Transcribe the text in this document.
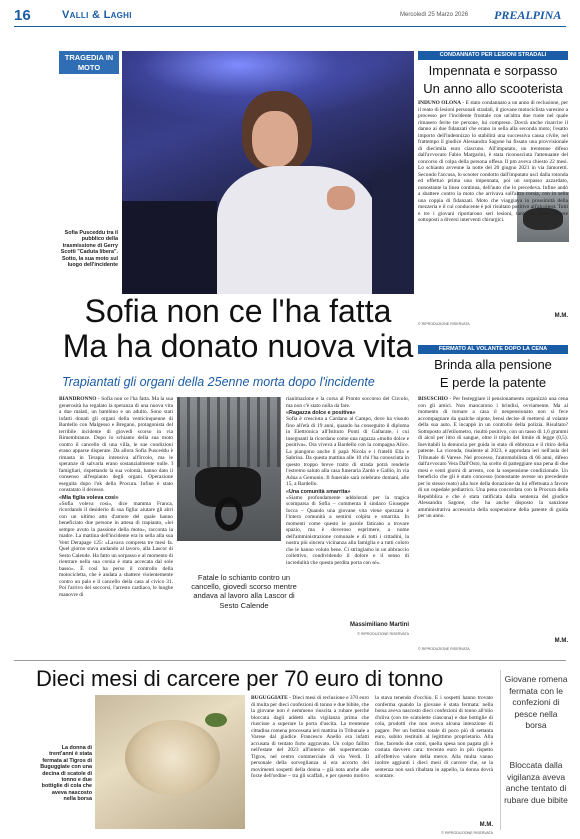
16	Valli & Laghi	Mercoledì 25 Marzo 2026 PREALPINA
TRAGEDIA IN MOTO
Sofia Pusceddu tra il pubblico della trasmissione di Gerry Scotti "Caduta libera". Sotto, la sua moto sul luogo dell'incidente
Sofia non ce l'ha fatta
Ma ha donato nuova vita
Trapiantati gli organi della 25enne morta dopo l'incidente

BIANDRONNO - Sofia non ce l'ha fatta. Ma la sua generosità ha regalato la speranza di una nuova vita a due malati, un bambino e un adulto. Sono stati infatti donati gli organi della venticinquenne di Bardello con Malgesso e Bregano, protagonista del terribile incidente di giovedì scorso in via Rimembranze. Dopo lo schianto della sua moto contro il cancello di una villa, le sue condizioni erano apparse disperate. Da allora Sofia Pusceddu è rimasta in Terapia intensiva all'Ircolo, ma le speranze di salvarla erano sostanzialmente nulle. I famigliari, rispettando la sua volontà, hanno dato il consenso all'espianto degli organi. Operazione eseguita dopo l'ok della Procura. Infine è stato constatato il decesso.

«Mia figlia voleva così»

«Sofia voleva così», dice mamma Franca, ricordando il desiderio di sua figlia: aiutare gli altri con un ultimo atto d'amore del quale hanno beneficiato due persone in attesa di trapianto, «lei sempre avuto la passione della moto», racconta la madre. La mattina dell'incidente era in sella alla sua Vent Derapage 125: «Lavava compreta tre mesi fa. Quel giorno stava andando al lavoro, alla Lascor di Sesto Calende. Ha fatto un sorpasso e al momento di rientrare nella sua corsia è stata accecata dal sole basso». È così ha perso il controllo della motocicletta, che è andata a sbattere violentemente contro un palo e il cancello della casa al civico 31. Poi l'arrivo dei soccorsi, l'arresto cardiaco, le lunghe manovre di

Fatale lo schianto contro un cancello, giovedì scorso mentre andava al lavoro alla Lascor di Sesto Calende

rianimazione e la corsa al Pronto soccorso del Circolo, ma non c'è stato nulla da fare.

«Ragazza dolce e positiva»

Sofia è cresciuta a Cardano al Campo, dove ha vissuto fino all'età di 19 anni, quando ha conseguito il diploma in Elettronica all'Istituto Ponti di Gallarate, i cui insegnanti la ricordano come una ragazza «molto dolce e positiva». Ora viveva a Bardello con la compagna Alice. La piangono anche il papà Nicola e i fratelli Elia e Sabrina. Da questa mattina alle 10 chi l'ha conosciuta in questo troppo breve tratto di strada potrà renderle l'estremo saluto alla casa funeraria Zardo e Gallio, in via Adua a Gemonio. Il funerale sarà celebrato domani, alle 15, a Bardello.

«Una comunità smarrita»

«Siamo profondamente addolorati per la tragica scomparsa di Sofia – commenta il sindaco Giuseppe Iocca – Quando una giovane vita viene spezzata è l'intera comunità a sentirsi colpita e smarrita. In momenti come questo le parole faticano a trovare spazio, ma è doveroso esprimere, a nome dell'amministrazione comunale e di tutti i cittadini, la nostra più sincera vicinanza alla famiglia e a tutti coloro che le hanno voluto bene. Ci stringiamo in un abbraccio collettivo, condividendo il dolore e il senso di incredulità che questa perdita porta con sé».

Massimiliano Martini
© RIPRODUZIONE RISERVATA
CONDANNATO PER LESIONI STRADALI
Impennata e sorpasso
Un anno allo scooterista

INDUNO OLONA - È stato condannato a un anno di reclusione, per il reato di lesioni personali stradali, il giovane motociclista varesino a processo per l'incidente frontale con un'altra due ruote nel quale rimasero ferite tre persone, lui compreso. Dovrà anche risarcire il danno ai due fidanzati che erano in sella alla seconda moto; l'esatto importo dell'indennizzo lo stabilirà una successiva causa civile, nel frattempo il giudice Alessandra Sagone ha fissato una provvisionale di diecimila euro ciascuno. All'imputato, un trentenne difeso dall'avvocato Fabio Margarini, è stata riconosciuta l'attenuante del concorso di colpa della persona offesa. Il pm aveva chiesto 22 mesi. Lo schianto avvenne la notte del 20 giugno 2021 in via Jamoretti. Secondo l'accusa, lo scooter condotto dall'imputato uscì dalla rotonda ed effettuò prima una impennata, poi un sorpasso azzardato, nonostante la linea continua, dell'auto che lo precedeva. Infine andò a sbattere contro la moto che arrivava sull'altra corsia, con in sella una coppia di fidanzati. Moto che viaggiava in prossimità della mezzeria e il cui conducente è poi risultato positivo all'alcoltest. Tutti e tre i giovani riportarono seri lesioni, tanto da dover essere sottoposti a diversi interventi chirurgici.

M.M.
© RIPRODUZIONE RISERVATA
FERMATO AL VOLANTE DOPO LA CENA
Brinda alla pensione
E perde la patente

BISUSCHIO - Per festeggiare il pensionamento organizzò una cena con gli amici. Non mancarono i brindisi, ovviamente. Ma al momento di tornare a casa il neopensionato non si fece accompagnare da qualche nipote, bensì decise di mettersi al volante della sua auto. E incappò in un controllo della polizia. Risultato? Sottoposto all'etilometro, risultò positivo, con un tasso di 1,6 grammi di alcol per litro di sangue, oltre il triplo del limite di legge (0,5). Inevitabili la denuncia per guida in stato di ebbrezza e il ritiro della patente. La vicenda, risalente al 2023, è approdata ieri nell'aula del Tribunale di Varese. Nel processo, l'automobilista di 66 anni, difeso dall'avvocato Vera Dall'Osto, ha scelto di patteggiare una pena di due mesi e venti giorni di arresto, con la sospensione condizionale. Un beneficio che gli è stato concesso (nonostante avesse un precedente per lo stesso reato) alla luce della donazione da lui effettuata a favore di un ospedale pediatrico. Una pena concordata con la Procura della Repubblica e che è stata ratificata dalla sentenza del giudice Alessandra Sagone, che ha anche disposto la sanzione amministrativa accessoria della sospensione della patente di guida per un anno.

M.M.
© RIPRODUZIONE RISERVATA
Dieci mesi di carcere per 70 euro di tonno
La donna di trent'anni è stata fermata al Tigros di Buguggiate con una decina di scatole di tonno e due bottiglie di cola che aveva nascosto nella borsa

BUGUGGIATE - Dieci mesi di reclusione e 370 euro di multa per dieci confezioni di tonno e due bibite, che la giovane non è nemmeno riuscita a rubare perché bloccata dagli addetti alla vigilanza prima che riuscisse a superare la porta d'uscita. La trentenne cittadina romena processata ieri mattina in Tribunale a Varese dal giudice Francesco Anello era infatti accusata di tentato furto aggravato. Un colpo fallito nell'estate del 2023 all'interno del supermercato Tigros, nel centro commerciale di via Verdi. Il personale della sorveglianza si era accorto dei movimenti sospetti della donna – già nota anche alle forze dell'ordine – tra gli scaffali, e per questo motivo la stava tenendo d'occhio. E i sospetti hanno trovato conferma quando la giovane è stata fermata: nella borsa aveva nascosto dieci confezioni di tonno all'olio d'oliva (con tre scatolette ciascuna) e due bottiglie di cola, prodotti che non aveva alcuna intenzione di pagare. Per un bottino totale di poco più di settanta euro, subito restituiti al legittimo proprietario. Alla fine, facendo due conti, quella spesa non pagata gli è costata davvero cara: trecento euro in più rispetto all'effettivo valore della merce. Alla multa vanno inoltre aggiunti i dieci mesi di carcere che, se la sentenza non sarà ribaltata in appello, la donna dovrà scontare.

M.M.
© RIPRODUZIONE RISERVATA
Giovane romena fermata con le confezioni di pesce nella borsa
Bloccata dalla vigilanza aveva anche tentato di rubare due bibite
